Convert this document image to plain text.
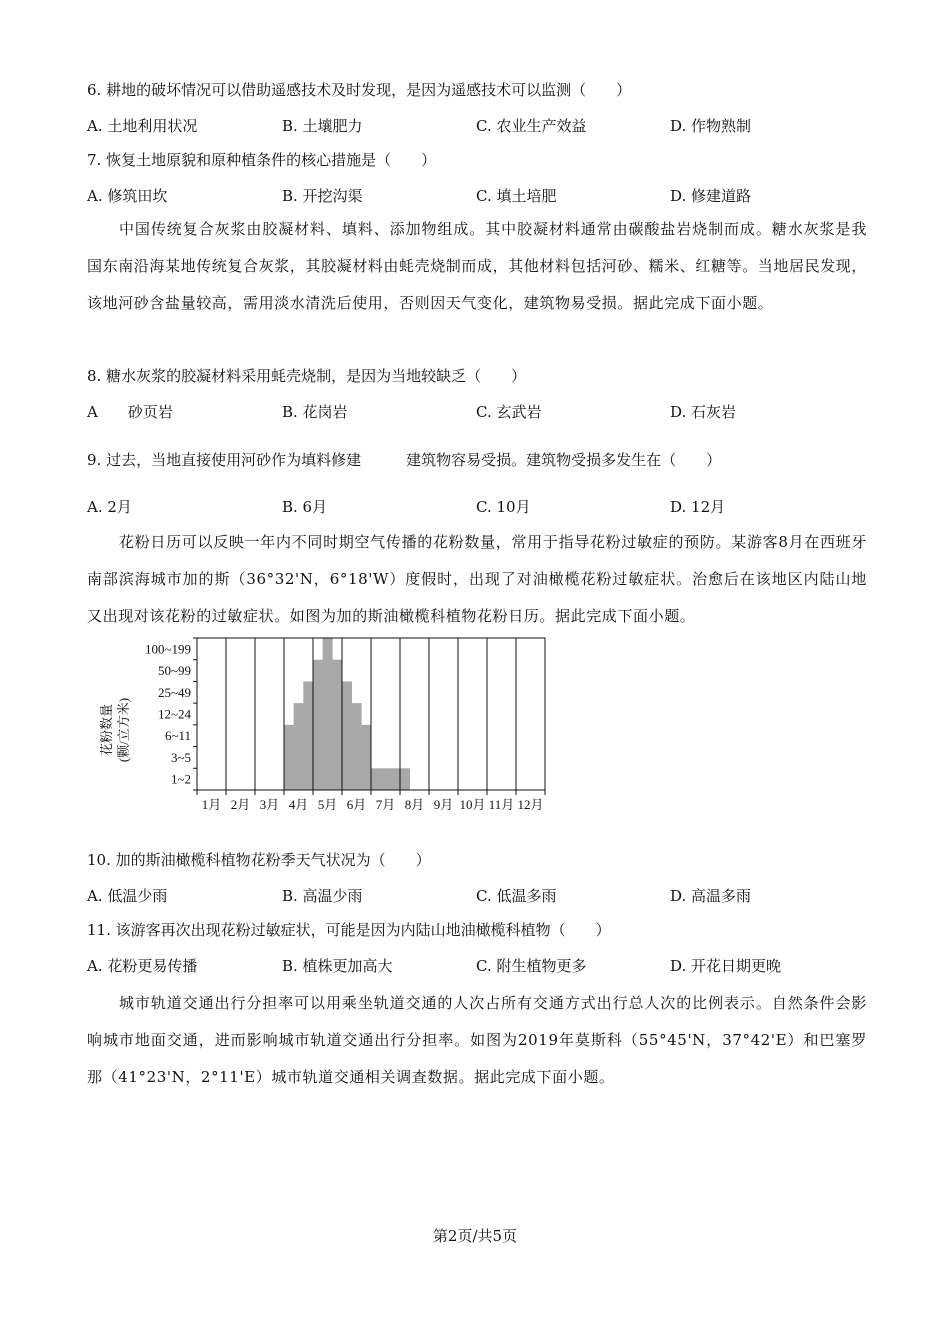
6. 耕地的破坏情况可以借助遥感技术及时发现，是因为遥感技术可以监测（　　）
A. 土地利用状况	B. 土壤肥力	C. 农业生产效益	D. 作物熟制
7. 恢复土地原貌和原种植条件的核心措施是（　　）
A. 修筑田坎	B. 开挖沟渠	C. 填土培肥	D. 修建道路
中国传统复合灰浆由胶凝材料、填料、添加物组成。其中胶凝材料通常由碳酸盐岩烧制而成。糖水灰浆是我国东南沿海某地传统复合灰浆，其胶凝材料由蚝壳烧制而成，其他材料包括河砂、糯米、红糖等。当地居民发现，该地河砂含盐量较高，需用淡水清洗后使用，否则因天气变化，建筑物易受损。据此完成下面小题。
8. 糖水灰浆的胶凝材料采用蚝壳烧制，是因为当地较缺乏（　　）
A　　砂页岩	B. 花岗岩	C. 玄武岩	D. 石灰岩
9. 过去，当地直接使用河砂作为填料修建　　　建筑物容易受损。建筑物受损多发生在（　　）
A. 2月	B. 6月	C. 10月	D. 12月
花粉日历可以反映一年内不同时期空气传播的花粉数量，常用于指导花粉过敏症的预防。某游客8月在西班牙南部滨海城市加的斯（36°32'N，6°18'W）度假时，出现了对油橄榄花粉过敏症状。治愈后在该地区内陆山地又出现对该花粉的过敏症状。如图为加的斯油橄榄科植物花粉日历。据此完成下面小题。
1~2
3~5
6~11
12~24
25~49
50~99
100~199
1月 2月 3月 4月 5月 6月 7月 8月 9月 10月 11月 12月
花粉数量 (颗/立方米)
10. 加的斯油橄榄科植物花粉季天气状况为（　　）
A. 低温少雨	B. 高温少雨	C. 低温多雨	D. 高温多雨
11. 该游客再次出现花粉过敏症状，可能是因为内陆山地油橄榄科植物（　　）
A. 花粉更易传播	B. 植株更加高大	C. 附生植物更多	D. 开花日期更晚
城市轨道交通出行分担率可以用乘坐轨道交通的人次占所有交通方式出行总人次的比例表示。自然条件会影响城市地面交通，进而影响城市轨道交通出行分担率。如图为2019年莫斯科（55°45'N，37°42'E）和巴塞罗那（41°23'N，2°11'E）城市轨道交通相关调查数据。据此完成下面小题。
第2页/共5页
